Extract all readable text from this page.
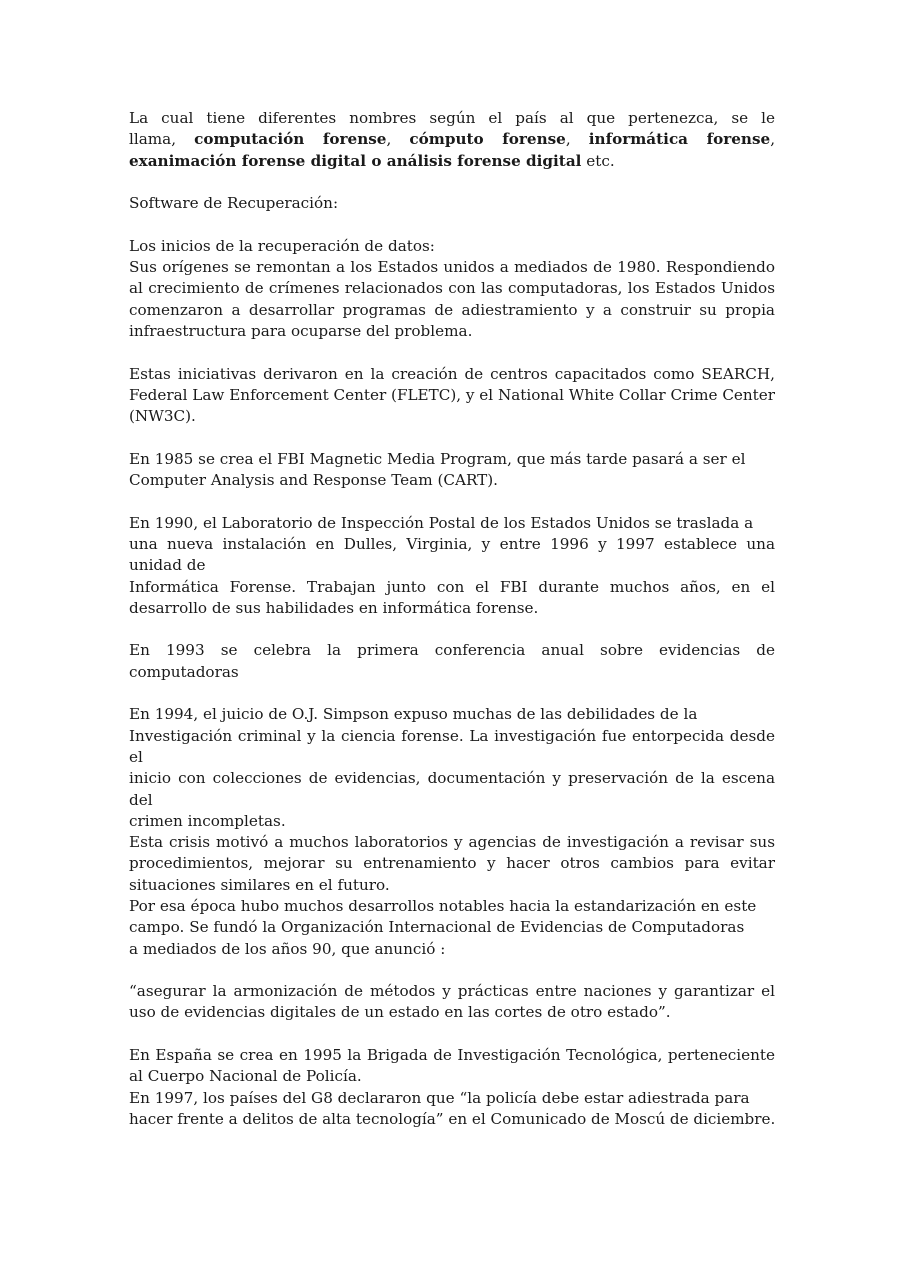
La cual tiene diferentes nombres según el país al que pertenezca, se le
llama, computación forense, cómputo forense, informática forense,
exanimación forense digital o análisis forense digital etc.
Software de Recuperación:
Los inicios de la recuperación de datos:
Sus orígenes se remontan a los Estados unidos a mediados de 1980. Respondiendo
al crecimiento de crímenes relacionados con las computadoras, los Estados Unidos
comenzaron a desarrollar programas de adiestramiento y a construir su propia
infraestructura para ocuparse del problema.
Estas iniciativas derivaron en la creación de centros capacitados como SEARCH,
Federal Law Enforcement Center (FLETC), y el National White Collar Crime Center
(NW3C).
En 1985 se crea el FBI Magnetic Media Program, que más tarde pasará a ser el
Computer Analysis and Response Team (CART).
En 1990, el Laboratorio de Inspección Postal de los Estados Unidos se traslada a
una nueva instalación en Dulles, Virginia, y entre 1996 y 1997 establece una
unidad de
Informática Forense. Trabajan junto con el FBI durante muchos años, en el
desarrollo de sus habilidades en informática forense.
En 1993 se celebra la primera conferencia anual sobre evidencias de
computadoras
En 1994, el juicio de O.J. Simpson expuso muchas de las debilidades de la
Investigación criminal y la ciencia forense. La investigación fue entorpecida desde
el
inicio con colecciones de evidencias, documentación y preservación de la escena
del
crimen incompletas.
Esta crisis motivó a muchos laboratorios y agencias de investigación a revisar sus
procedimientos, mejorar su entrenamiento y hacer otros cambios para evitar
situaciones similares en el futuro.
Por esa época hubo muchos desarrollos notables hacia la estandarización en este
campo. Se fundó la Organización Internacional de Evidencias de Computadoras
a mediados de los años 90, que anunció :
“asegurar la armonización de métodos y prácticas entre naciones y garantizar el
uso de evidencias digitales de un estado en las cortes de otro estado”.
En España se crea en 1995 la Brigada de Investigación Tecnológica, perteneciente
al Cuerpo Nacional de Policía.
En 1997, los países del G8 declararon que “la policía debe estar adiestrada para
hacer frente a delitos de alta tecnología” en el Comunicado de Moscú de diciembre.
